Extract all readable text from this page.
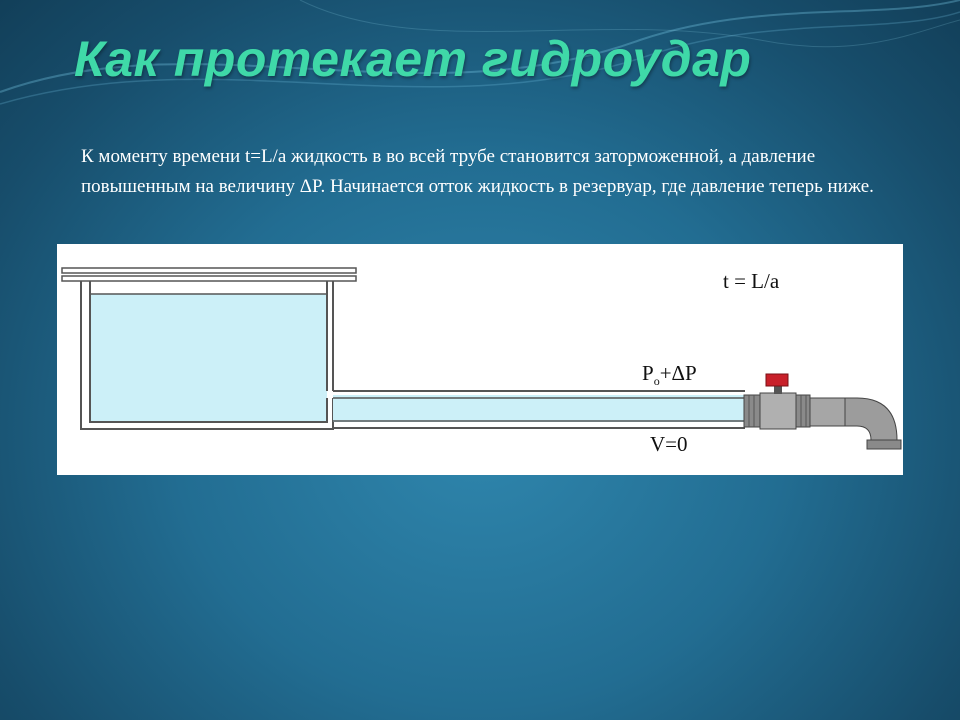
Как протекает гидроудар

К моменту времени t=L/a жидкость в во всей трубе становится заторможенной, а давление повышенным на величину ΔP. Начинается отток жидкость в резервуар, где давление теперь ниже.

t = L/a
$P_o+\Delta P$
V=0
